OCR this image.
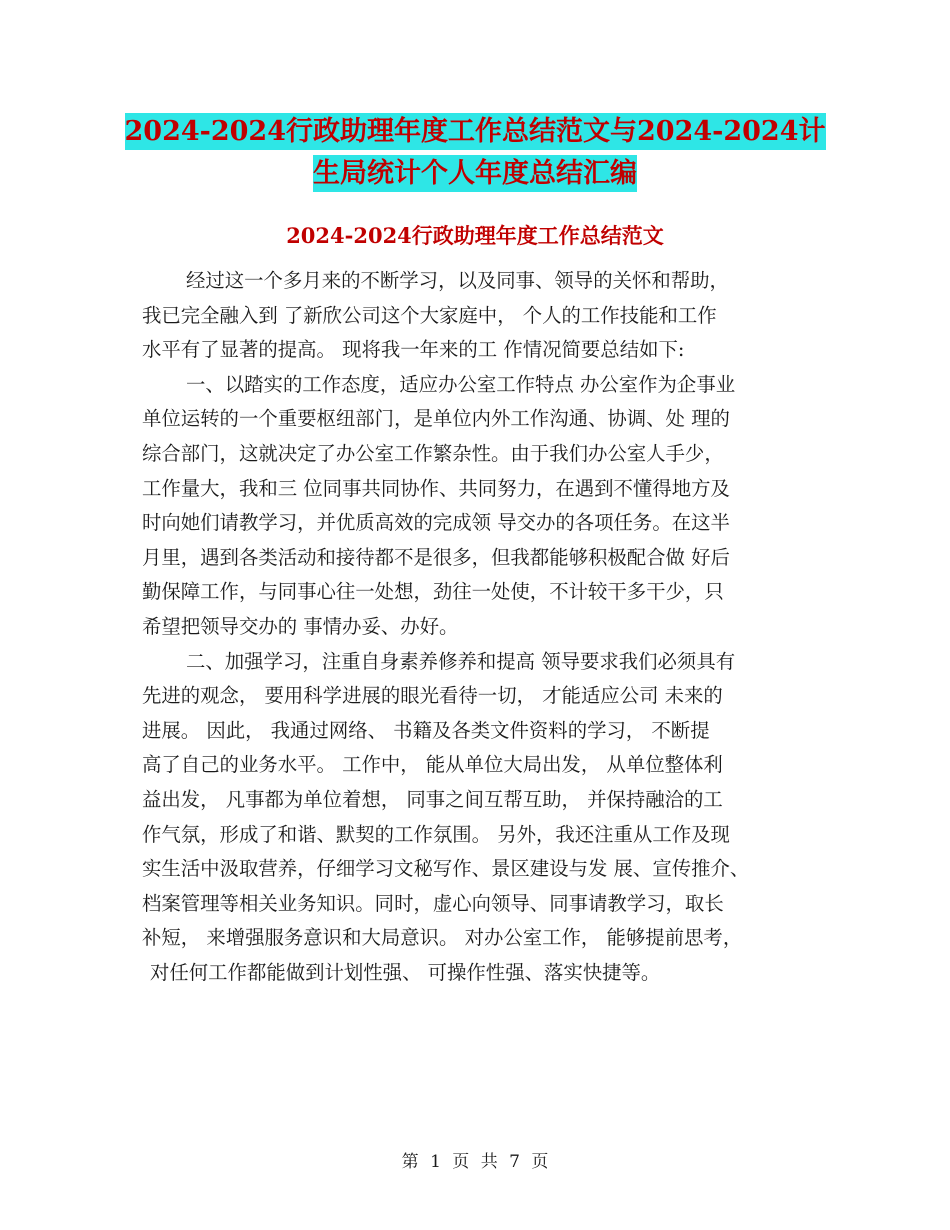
2024-2024行政助理年度工作总结范文与2024-2024计
生局统计个人年度总结汇编
2024-2024行政助理年度工作总结范文
经过这一个多月来的不断学习，以及同事、领导的关怀和帮助，
我已完全融入到 了新欣公司这个大家庭中， 个人的工作技能和工作
水平有了显著的提高。 现将我一年来的工 作情况简要总结如下:
一、以踏实的工作态度，适应办公室工作特点 办公室作为企事业
单位运转的一个重要枢纽部门，是单位内外工作沟通、协调、处 理的
综合部门，这就决定了办公室工作繁杂性。由于我们办公室人手少，
工作量大，我和三 位同事共同协作、共同努力，在遇到不懂得地方及
时向她们请教学习，并优质高效的完成领 导交办的各项任务。在这半
月里，遇到各类活动和接待都不是很多，但我都能够积极配合做 好后
勤保障工作，与同事心往一处想，劲往一处使，不计较干多干少，只
希望把领导交办的 事情办妥、办好。
二、加强学习，注重自身素养修养和提高 领导要求我们必须具有
先进的观念， 要用科学进展的眼光看待一切， 才能适应公司 未来的
进展。 因此， 我通过网络、 书籍及各类文件资料的学习， 不断提
高了自己的业务水平。 工作中， 能从单位大局出发， 从单位整体利
益出发， 凡事都为单位着想， 同事之间互帮互助， 并保持融洽的工
作气氛，形成了和谐、默契的工作氛围。 另外，我还注重从工作及现
实生活中汲取营养，仔细学习文秘写作、景区建设与发 展、宣传推介、
档案管理等相关业务知识。同时，虚心向领导、同事请教学习，取长
补短， 来增强服务意识和大局意识。 对办公室工作， 能够提前思考，
对任何工作都能做到计划性强、 可操作性强、落实快捷等。
第 1 页 共 7 页
